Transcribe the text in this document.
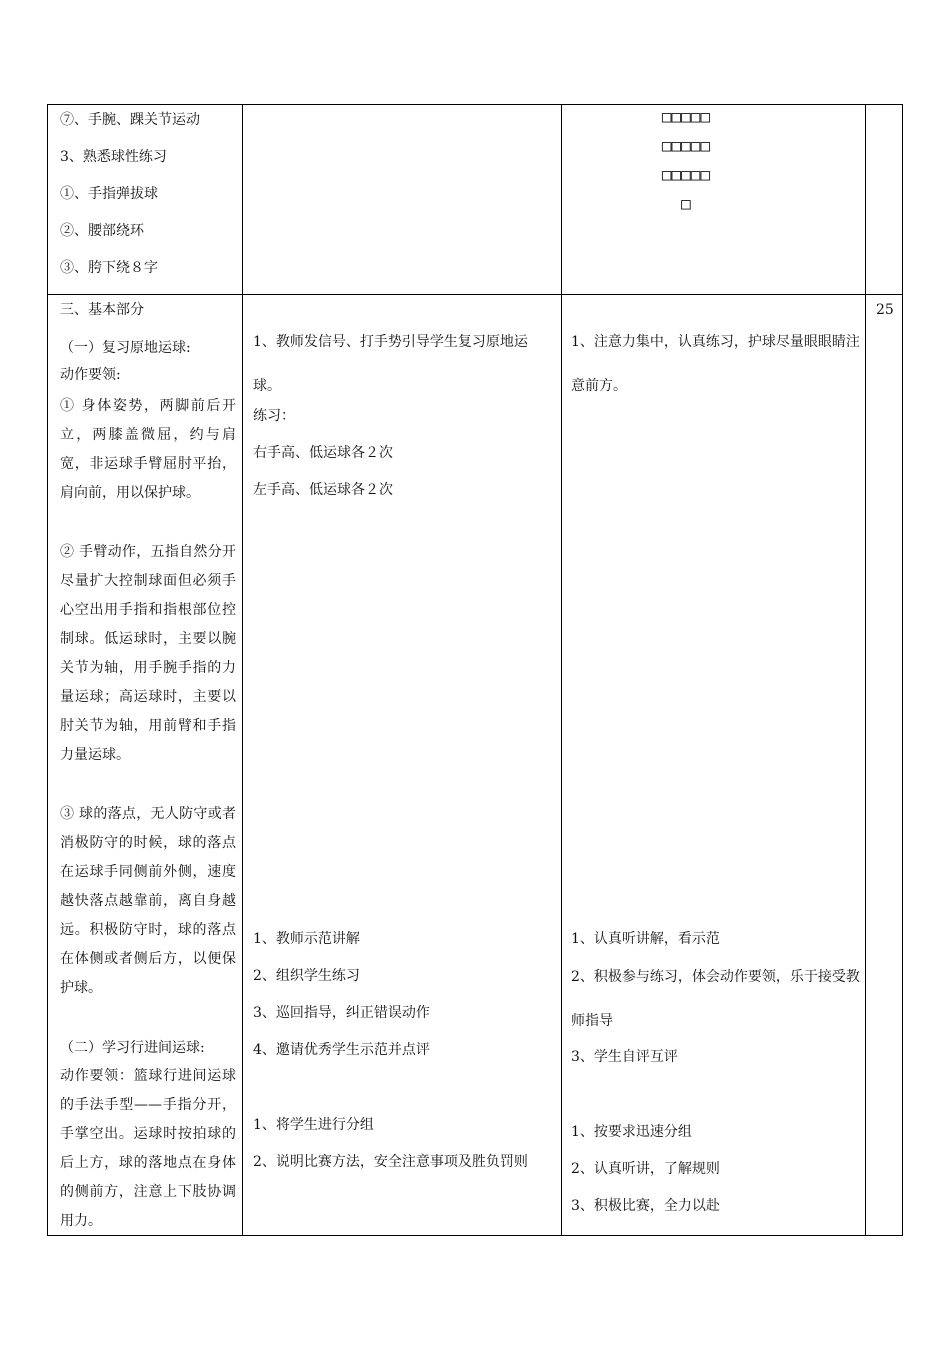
⑦、手腕、踝关节运动
3、熟悉球性练习
①、手指弹拔球
②、腰部绕环
③、胯下绕８字
□□□□□
□□□□□
□□□□□
□
三、基本部分
（一）复习原地运球:
动作要领:
① 身体姿势，两脚前后开立，两膝盖微屈，约与肩宽，非运球手臂屈肘平抬，肩向前，用以保护球。
② 手臂动作，五指自然分开尽量扩大控制球面但必须手心空出用手指和指根部位控制球。低运球时，主要以腕关节为轴，用手腕手指的力量运球；高运球时，主要以肘关节为轴，用前臂和手指力量运球。
③ 球的落点，无人防守或者消极防守的时候，球的落点在运球手同侧前外侧，速度越快落点越靠前，离自身越远。积极防守时，球的落点在体侧或者侧后方，以便保护球。
（二）学习行进间运球:
动作要领：篮球行进间运球的手法手型——手指分开，手掌空出。运球时按拍球的后上方，球的落地点在身体的侧前方，注意上下肢协调用力。
1、教师发信号、打手势引导学生复习原地运球。
练习：
右手高、低运球各２次
左手高、低运球各２次
1、教师示范讲解
2、组织学生练习
3、巡回指导，纠正错误动作
4、邀请优秀学生示范并点评
1、将学生进行分组
2、说明比赛方法，安全注意事项及胜负罚则
1、注意力集中，认真练习，护球尽量眼眼睛注意前方。
1、认真听讲解，看示范
2、积极参与练习，体会动作要领，乐于接受教师指导
3、学生自评互评
1、按要求迅速分组
2、认真听讲，了解规则
3、积极比赛，全力以赴
25
